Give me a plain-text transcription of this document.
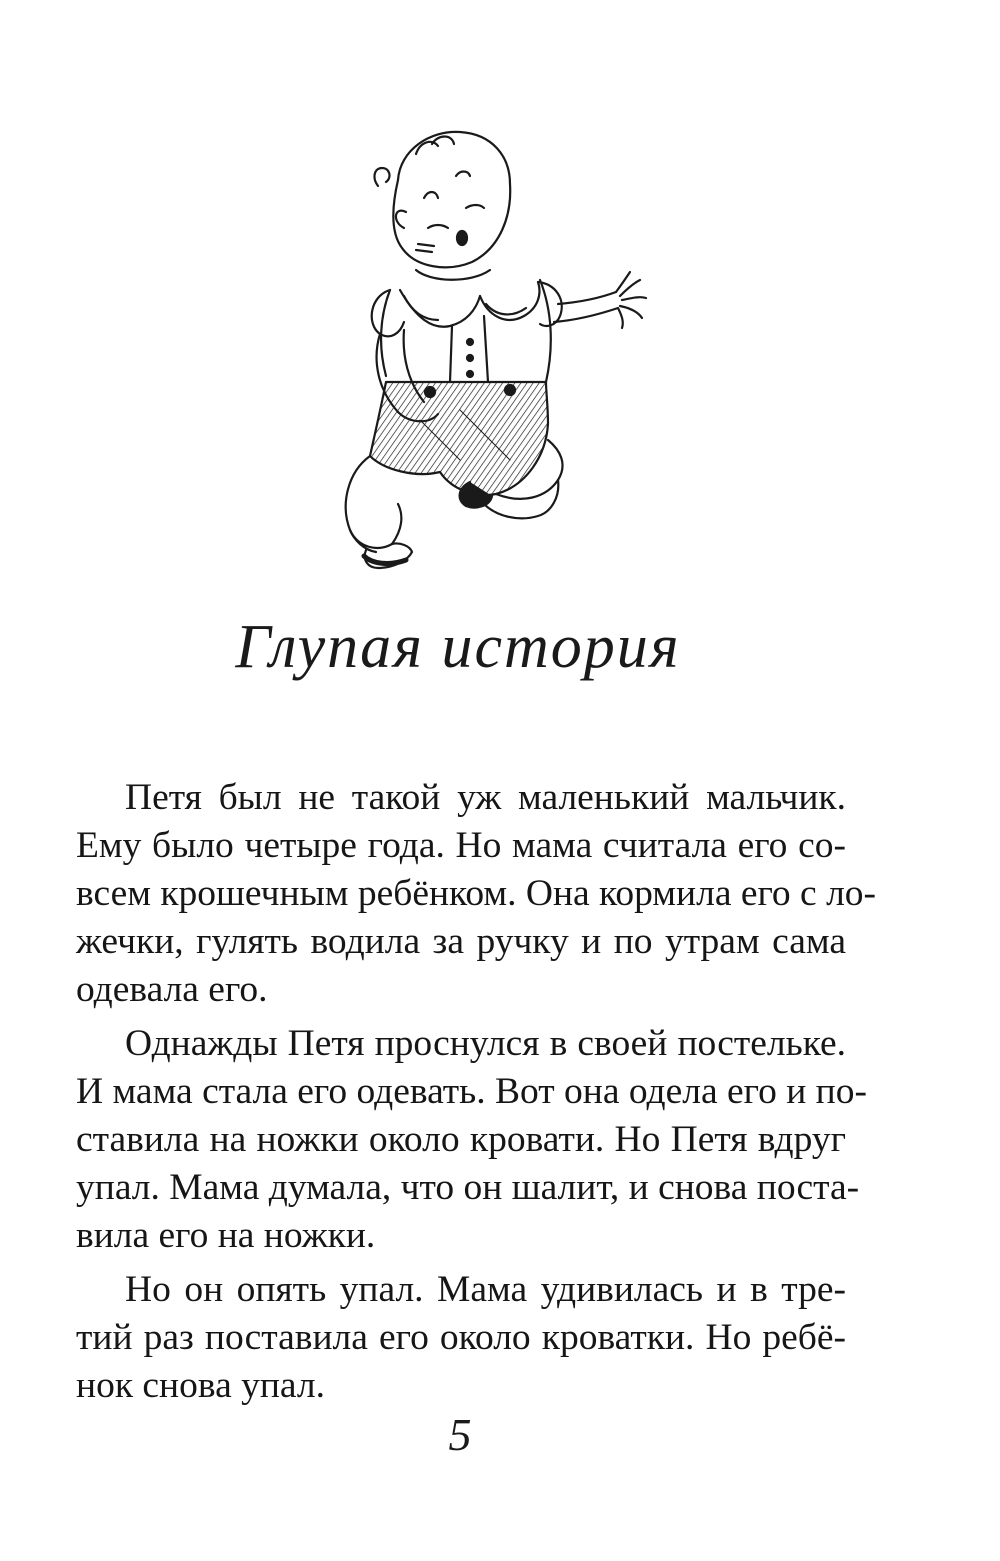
Глупая история
Петя был не такой уж маленький мальчик.
Ему было четыре года. Но мама считала его со-
всем крошечным ребёнком. Она кормила его с ло-
жечки, гулять водила за ручку и по утрам сама
одевала его.
Однажды Петя проснулся в своей постельке.
И мама стала его одевать. Вот она одела его и по-
ставила на ножки около кровати. Но Петя вдруг
упал. Мама думала, что он шалит, и снова поста-
вила его на ножки.
Но он опять упал. Мама удивилась и в тре-
тий раз поставила его около кроватки. Но ребё-
нок снова упал.
5
